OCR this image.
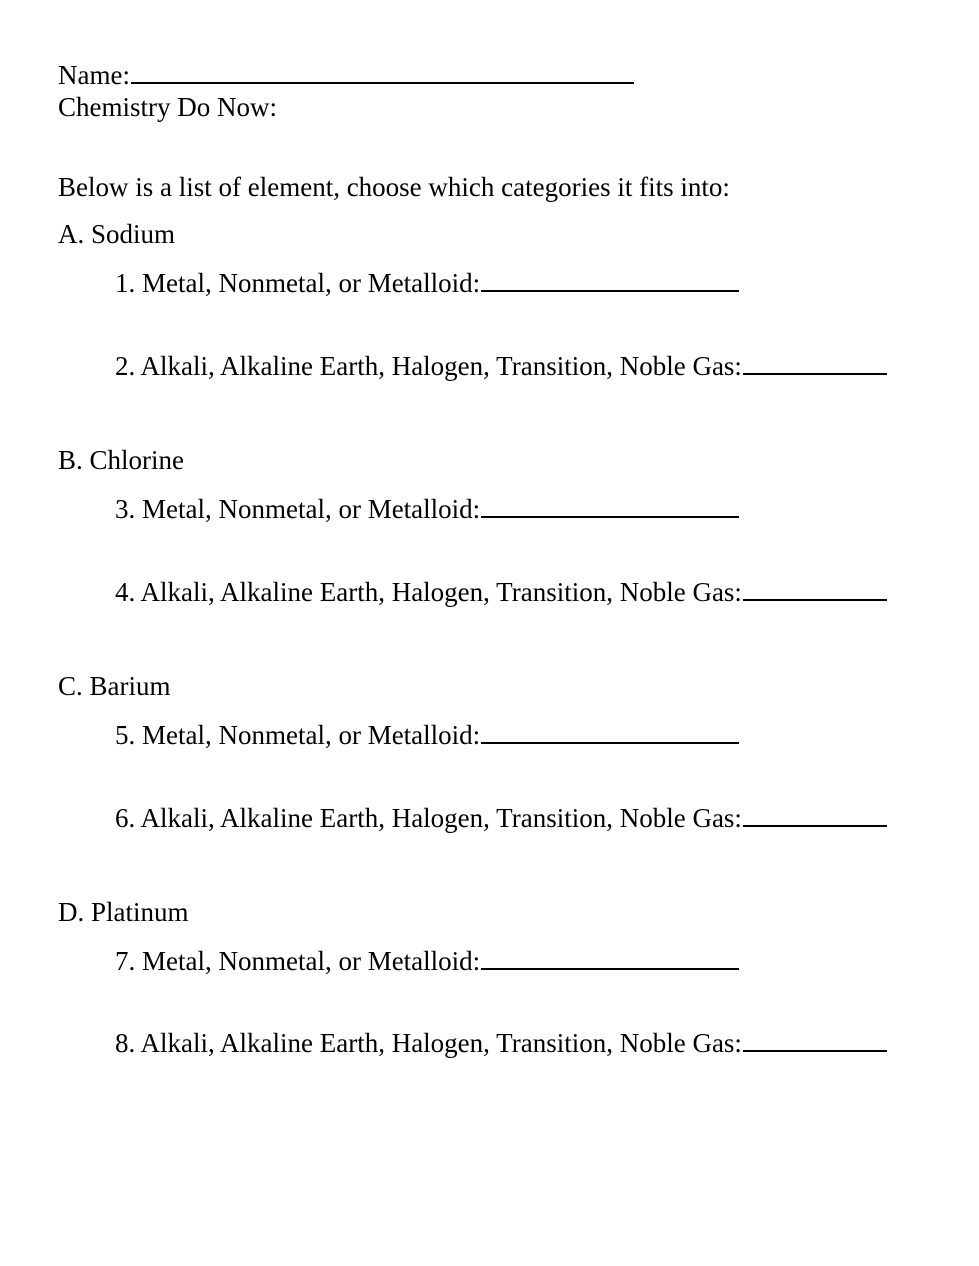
Name:
Chemistry Do Now:
Below is a list of element, choose which categories it fits into:
A. Sodium
1. Metal, Nonmetal, or Metalloid:
2. Alkali, Alkaline Earth, Halogen, Transition, Noble Gas:
B. Chlorine
3. Metal, Nonmetal, or Metalloid:
4. Alkali, Alkaline Earth, Halogen, Transition, Noble Gas:
C. Barium
5. Metal, Nonmetal, or Metalloid:
6. Alkali, Alkaline Earth, Halogen, Transition, Noble Gas:
D. Platinum
7. Metal, Nonmetal, or Metalloid:
8. Alkali, Alkaline Earth, Halogen, Transition, Noble Gas:
